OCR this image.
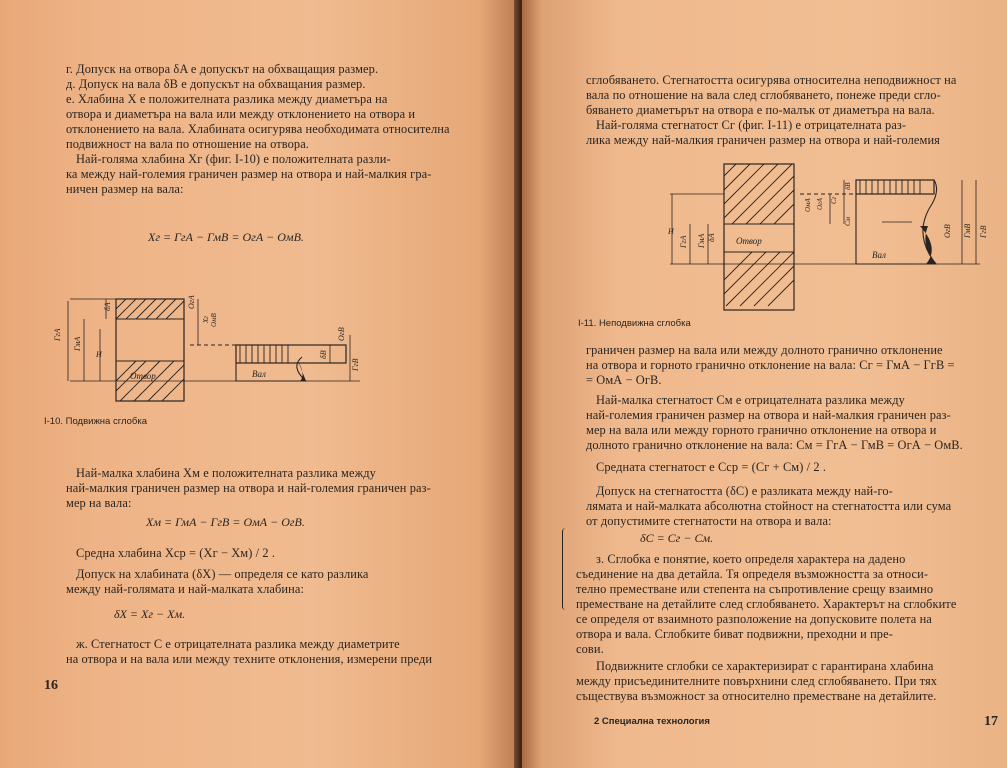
г. Допуск на отвора δA е допускът на обхващащия размер.
д. Допуск на вала δB е допускът на обхващания размер.
е. Хлабина X е положителната разлика между диаметъра на
отвора и диаметъра на вала или между отклонението на отвора и
отклонението на вала. Хлабината осигурява необходимата относителна
подвижност на вала по отношение на отвора.
Най-голяма хлабина Xг (фиг. I-10) е положителната разли-
ка между най-големия граничен размер на отвора и най-малкия гра-
ничен размер на вала:
Xг = ГгА − ГмВ = ОгА − ОмВ.
ГгА
ГмА
H
δA	ОгА
Xг ОмВ
ОгВ
δВ
ГгВ
Отвор	Вал
I-10. Подвижна сглобка
Най-малка хлабина Xм е положителната разлика между
най-малкия граничен размер на отвора и най-големия граничен раз-
мер на вала:
Xм = ГмА − ГгВ = ОмА − ОгВ.
Средна хлабина Xср = (Xг − Xм) / 2 .
Допуск на хлабината (δX) — определя се като разлика
между най-голямата и най-малката хлабина:
δX = Xг − Xм.
ж. Стегнатост C е отрицателната разлика между диаметрите
на отвора и на вала или между техните отклонения, измерени преди
16
сглобяването. Стегнатостта осигурява относителна неподвижност на
вала по отношение на вала след сглобяването, понеже преди сгло-
бяването диаметърът на отвора е по-малък от диаметъра на вала.
Най-голяма стегнатост Cг (фиг. I-11) е отрицателната раз-
лика между най-малкия граничен размер на отвора и най-големия
H
ГгА ГмА δA
ОмА ОгА Cг
δB
Cм
ОгВ ГмВ ГгВ
Отвор
Вал
I-11. Неподвижна сглобка
граничен размер на вала или между долното гранично отклонение
на отвора и горното гранично отклонение на вала: Cг = ГмА − ГгВ =
= ОмА − ОгВ.
Най-малка стегнатост Cм е отрицателната разлика между
най-големия граничен размер на отвора и най-малкия граничен раз-
мер на вала или между горното гранично отклонение на отвора и
долното гранично отклонение на вала: Cм = ГгА − ГмВ = ОгА − ОмВ.
Средната стегнатост е Cср = (Cг + Cм) / 2 .
Допуск на стегнатостта (δC) е разликата между най-го-
лямата и най-малката абсолютна стойност на стегнатостта или сума
от допустимите стегнатости на отвора и вала:
δC = Cг − Cм.
з. Сглобка е понятие, което определя характера на дадено
съединение на два детайла. Тя определя възможността за относи-
телно преместване или степента на съпротивление срещу взаимно
преместване на детайлите след сглобяването. Характерът на сглобките
се определя от взаимното разположение на допусковите полета на
отвора и вала. Сглобките биват подвижни, преходни и пре-
сови.
Подвижните сглобки се характеризират с гарантирана хлабина
между присъединителните повърхнини след сглобяването. При тях
съществува възможност за относително преместване на детайлите.
2 Специална технология	17
